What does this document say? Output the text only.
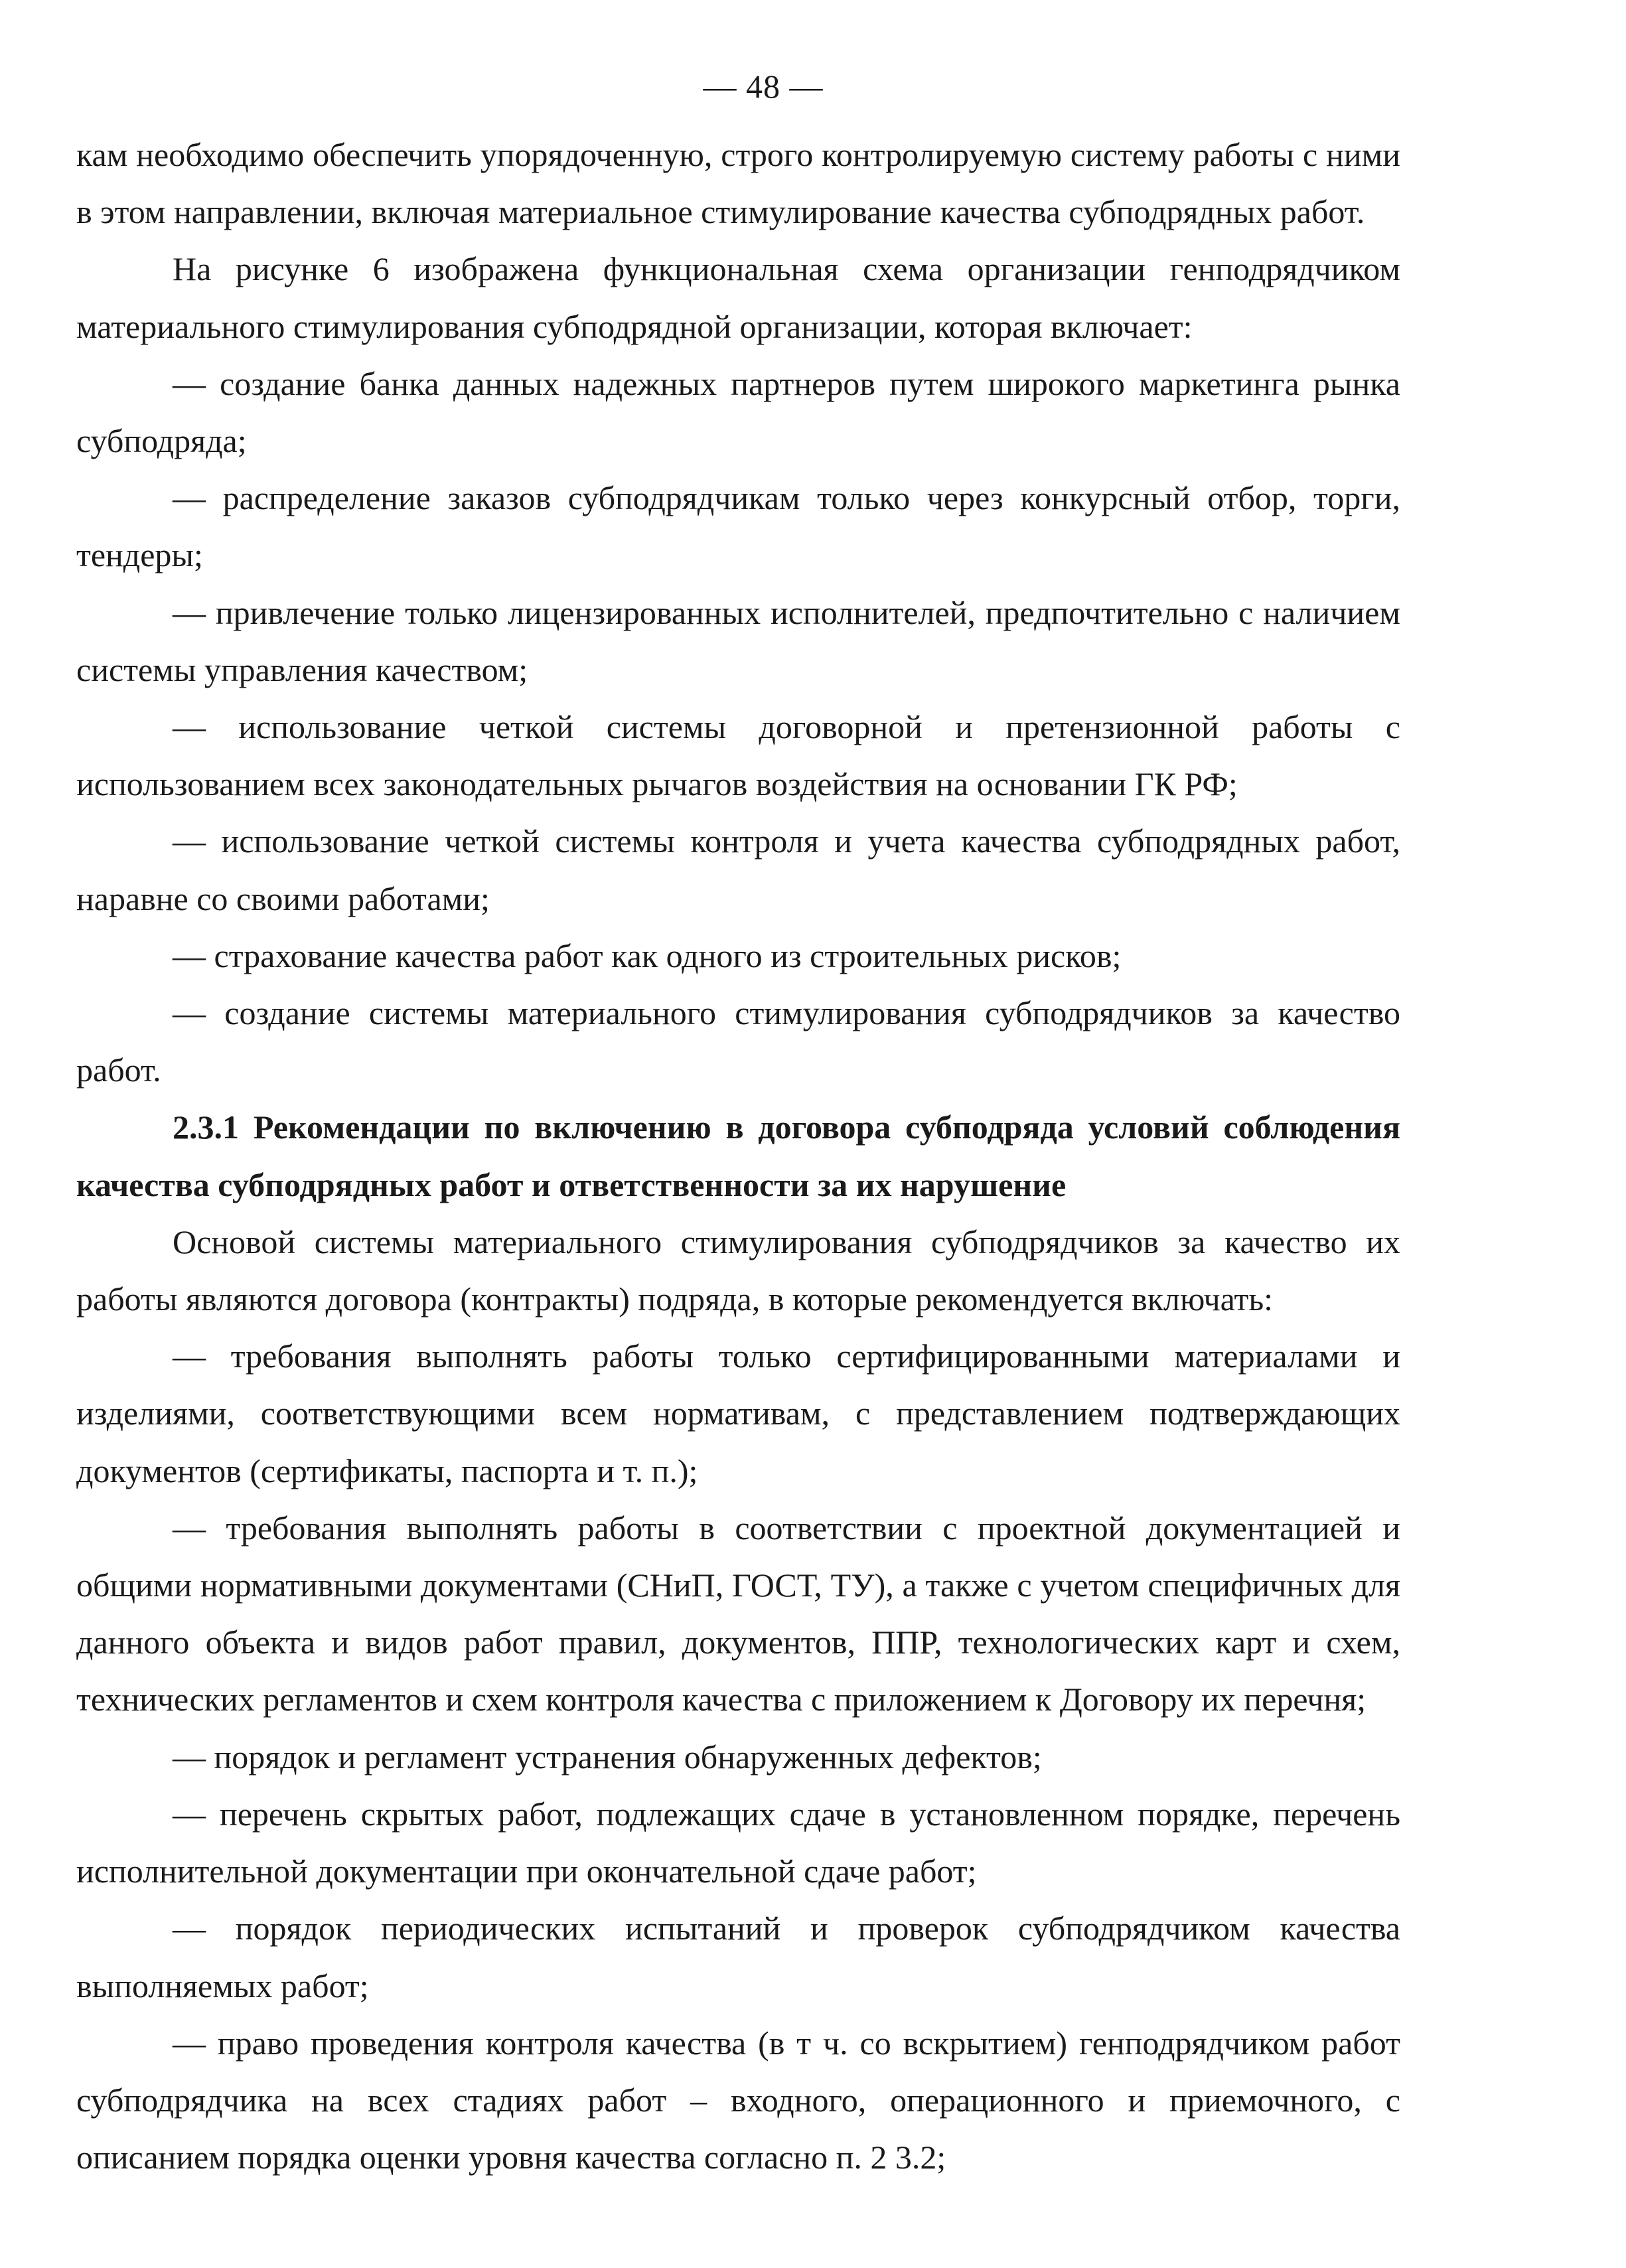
— 48 —

кам необходимо обеспечить упорядоченную, строго контролируемую систему работы с ними в этом направлении, включая материальное стимулирование качества субподрядных работ.

На рисунке 6 изображена функциональная схема организации генподрядчиком материального стимулирования субподрядной организации, которая включает:

— создание банка данных надежных партнеров путем широкого маркетинга рынка субподряда;

— распределение заказов субподрядчикам только через конкурсный отбор, торги, тендеры;

— привлечение только лицензированных исполнителей, предпочтительно с наличием системы управления качеством;

— использование четкой системы договорной и претензионной работы с использованием всех законодательных рычагов воздействия на основании ГК РФ;

— использование четкой системы контроля и учета качества субподрядных работ, наравне со своими работами;

— страхование качества работ как одного из строительных рисков;

— создание системы материального стимулирования субподрядчиков за качество работ.

2.3.1 Рекомендации по включению в договора субподряда условий соблюдения качества субподрядных работ и ответственности за их нарушение

Основой системы материального стимулирования субподрядчиков за качество их работы являются договора (контракты) подряда, в которые рекомендуется включать:

— требования выполнять работы только сертифицированными материалами и изделиями, соответствующими всем нормативам, с представлением подтверждающих документов (сертификаты, паспорта и т. п.);

— требования выполнять работы в соответствии с проектной документацией и общими нормативными документами (СНиП, ГОСТ, ТУ), а также с учетом специфичных для данного объекта и видов работ правил, документов, ППР, технологических карт и схем, технических регламентов и схем контроля качества с приложением к Договору их перечня;

— порядок и регламент устранения обнаруженных дефектов;

— перечень скрытых работ, подлежащих сдаче в установленном порядке, перечень исполнительной документации при окончательной сдаче работ;

— порядок периодических испытаний и проверок субподрядчиком качества выполняемых работ;

— право проведения контроля качества (в т ч. со вскрытием) генподрядчиком работ субподрядчика на всех стадиях работ – входного, операционного и приемочного, с описанием порядка оценки уровня качества согласно п. 2 3.2;
